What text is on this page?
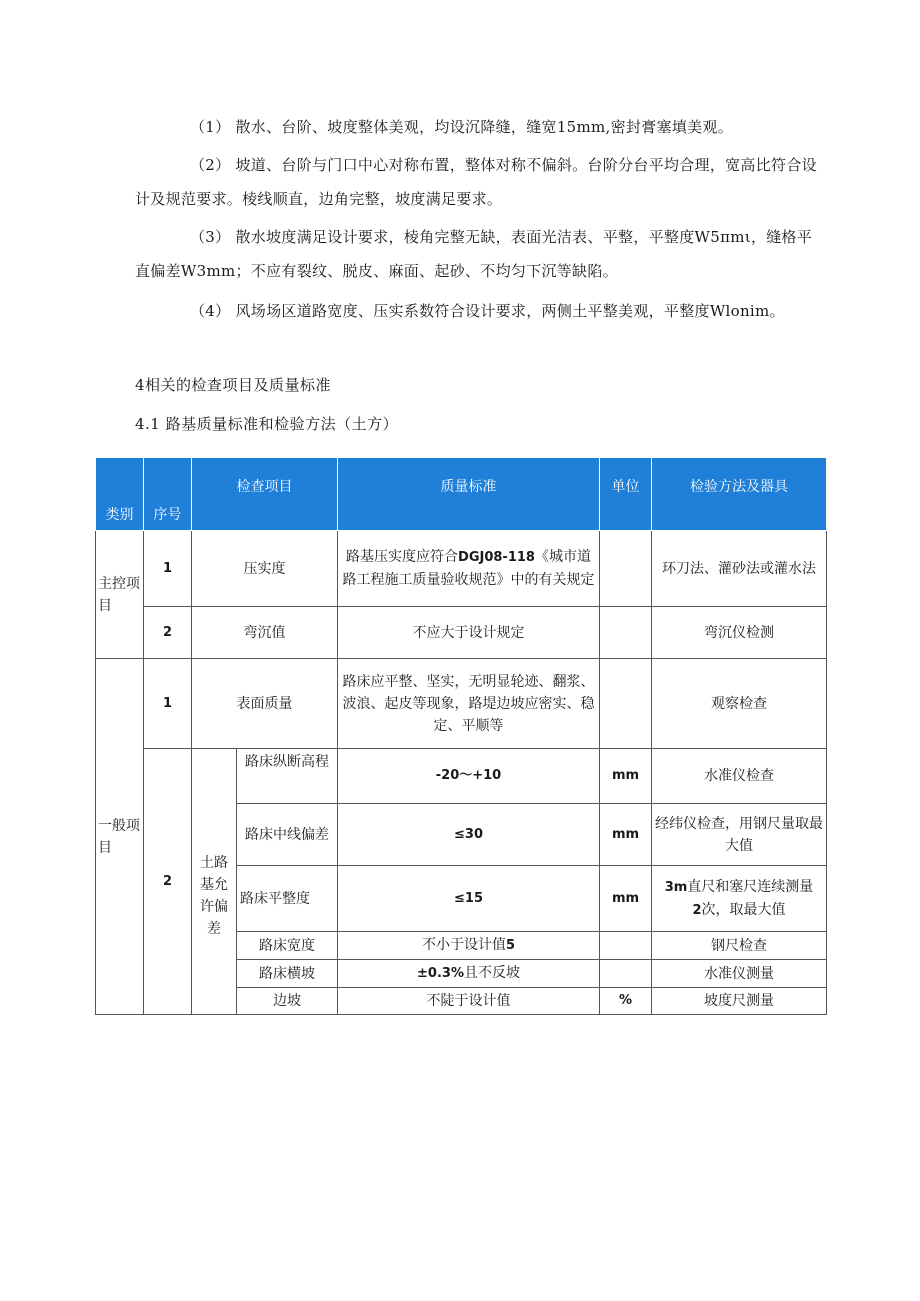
（1） 散水、台阶、坡度整体美观，均设沉降缝，缝宽15mm,密封膏塞填美观。
（2） 坡道、台阶与门口中心对称布置，整体对称不偏斜。台阶分台平均合理，宽高比符合设计及规范要求。棱线顺直，边角完整，坡度满足要求。
（3） 散水坡度满足设计要求，棱角完整无缺，表面光洁表、平整，平整度W5πmι，缝格平直偏差W3mm；不应有裂纹、脱皮、麻面、起砂、不均匀下沉等缺陷。
（4） 风场场区道路宽度、压实系数符合设计要求，两侧土平整美观，平整度Wlonim。
4相关的检查项目及质量标准
4.1 路基质量标准和检验方法（土方）
类别	序号	检查项目		质量标准	单位	检验方法及器具
主控项目	1	压实度		路基压实度应符合DGJ08-118《城市道路工程施工质量验收规范》中的有关规定		环刀法、灌砂法或灌水法
	2	弯沉值		不应大于设计规定		弯沉仪检测
一般项目	1	表面质量		路床应平整、坚实，无明显轮迹、翻浆、波浪、起皮等现象，路堤边坡应密实、稳定、平顺等		观察检查
	2	土路基允许偏差	路床纵断高程	-20〜+10	mm	水准仪检查
			路床中线偏差	≤30	mm	经纬仪检查，用钢尺量取最大值
			路床平整度	≤15	mm	3m直尺和塞尺连续测量
2次，取最大值
			路床宽度	不小于设计值5		钢尺检查
			路床横坡	±0.3%且不反坡		水准仪测量
			边坡	不陡于设计值	%	坡度尺测量
